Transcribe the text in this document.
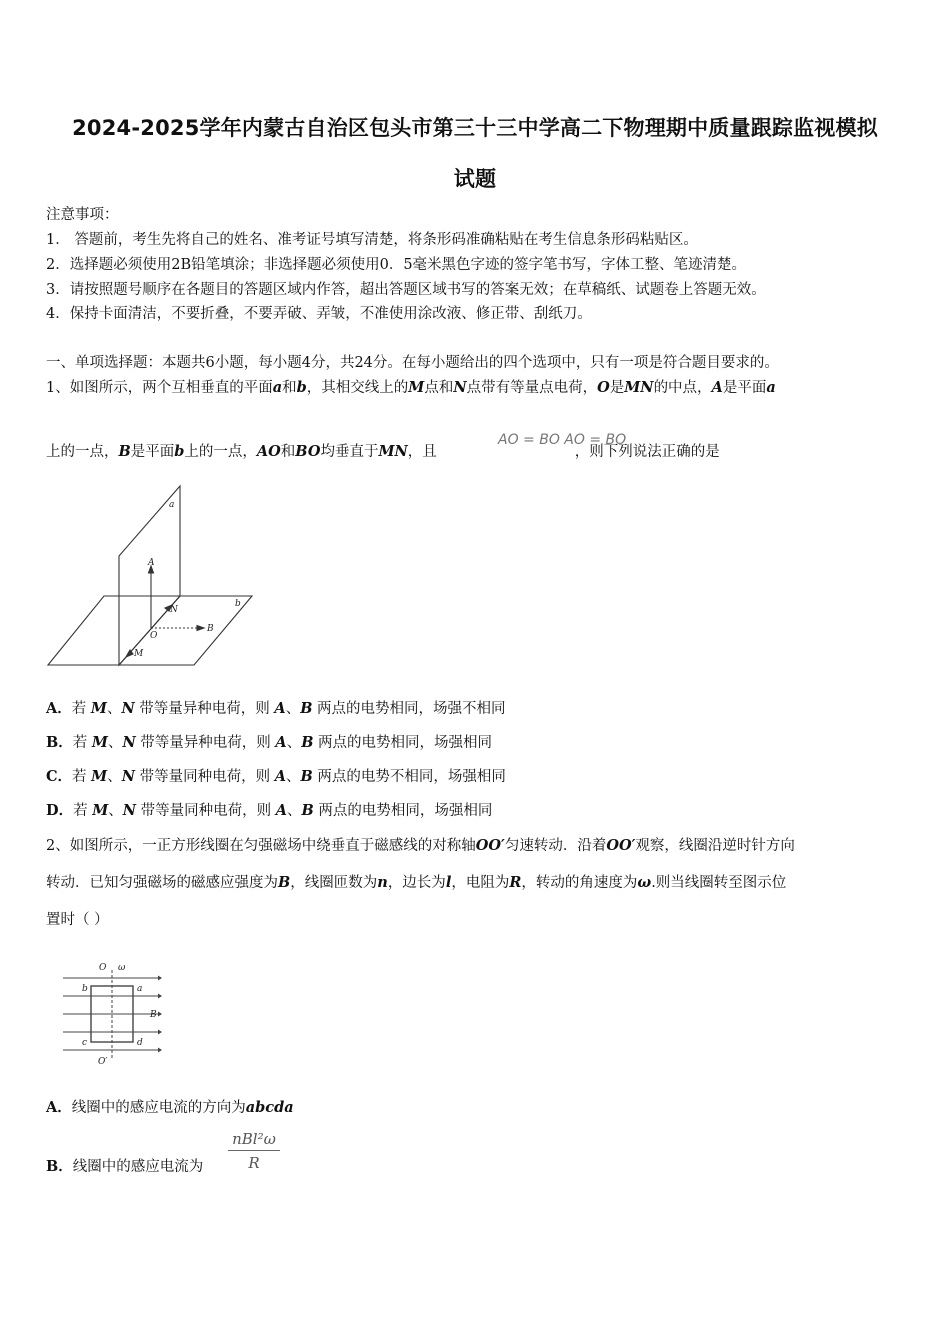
2024-2025学年内蒙古自治区包头市第三十三中学高二下物理期中质量跟踪监视模拟
试题
注意事项：
1． 答题前，考生先将自己的姓名、准考证号填写清楚，将条形码准确粘贴在考生信息条形码粘贴区。
2．选择题必须使用2B铅笔填涂；非选择题必须使用0．5毫米黑色字迹的签字笔书写，字体工整、笔迹清楚。
3．请按照题号顺序在各题目的答题区域内作答，超出答题区域书写的答案无效；在草稿纸、试题卷上答题无效。
4．保持卡面清洁，不要折叠，不要弄破、弄皱，不准使用涂改液、修正带、刮纸刀。
一、单项选择题：本题共6小题，每小题4分，共24分。在每小题给出的四个选项中，只有一项是符合题目要求的。
1、如图所示，两个互相垂直的平面a和b，其相交线上的M点和N点带有等量点电荷，O是MN的中点，A是平面a
上的一点，B是平面b上的一点，AO和BO均垂直于MN，且	，则下列说法正确的是
AO = BO AO = BO
a
b
A
B
N
O
M
A．若 M、N 带等量异种电荷，则 A、B 两点的电势相同，场强不相同
B．若 M、N 带等量异种电荷，则 A、B 两点的电势相同，场强相同
C．若 M、N 带等量同种电荷，则 A、B 两点的电势不相同，场强相同
D．若 M、N 带等量同种电荷，则 A、B 两点的电势相同，场强相同
2、如图所示，一正方形线圈在匀强磁场中绕垂直于磁感线的对称轴OO′匀速转动．沿着OO′观察，线圈沿逆时针方向
转动．已知匀强磁场的磁感应强度为B，线圈匝数为n，边长为l，电阻为R，转动的角速度为ω.则当线圈转至图示位
置时（ ）
O ω
b	a
B
c	d
O′
A．线圈中的感应电流的方向为abcda
B．线圈中的感应电流为
nBl²ω
R
